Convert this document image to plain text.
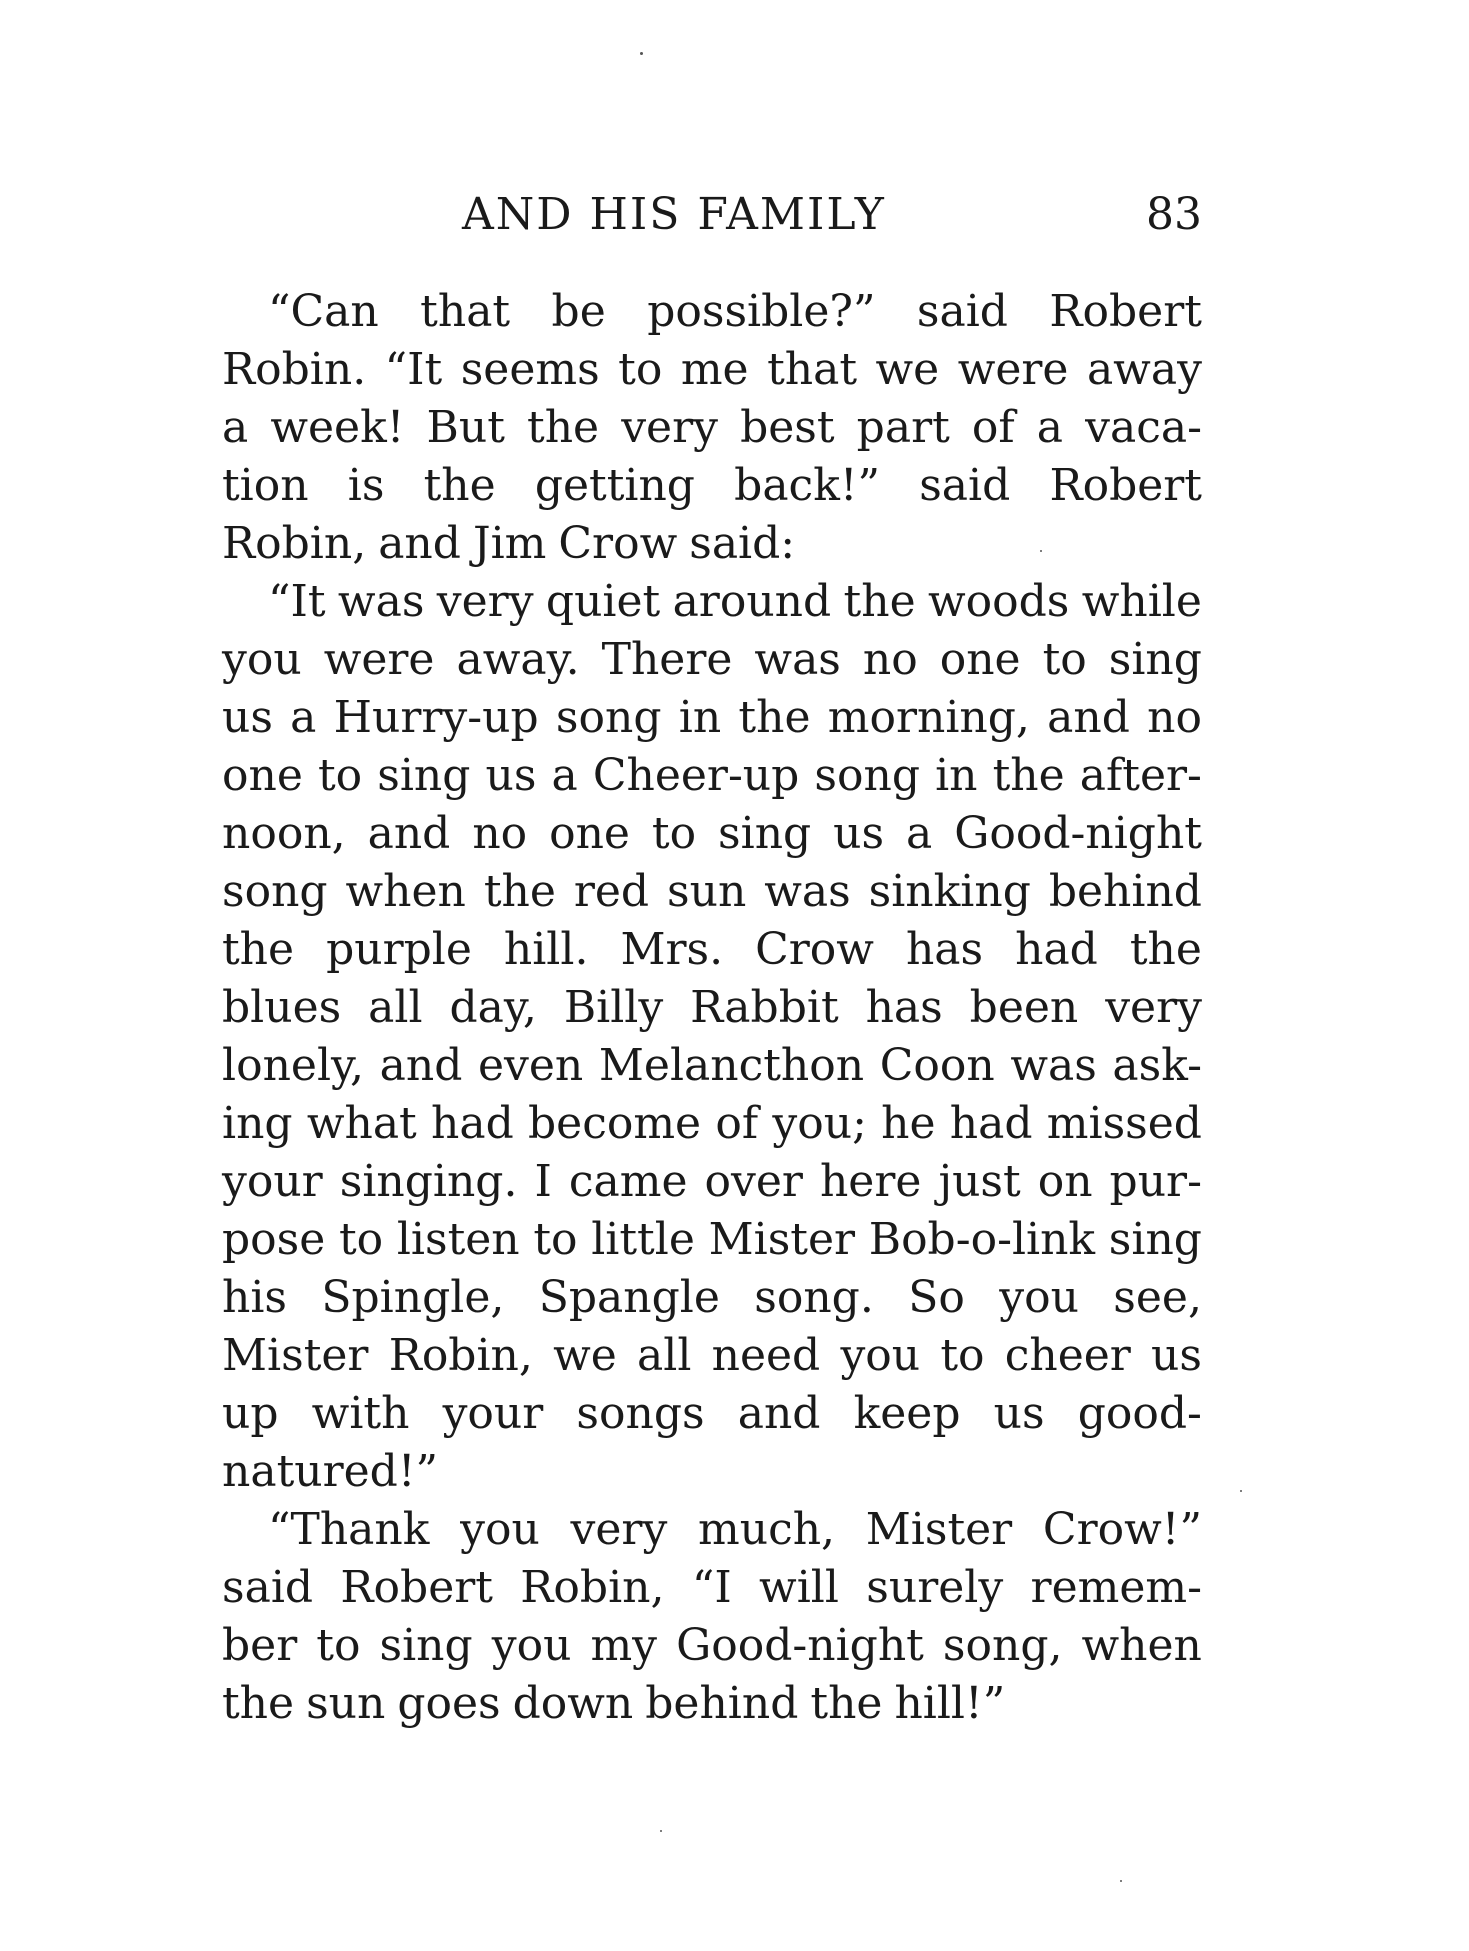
AND HIS FAMILY	83
“Can that be possible?” said Robert
Robin. “It seems to me that we were away
a week! But the very best part of a vaca-
tion is the getting back!” said Robert
Robin, and Jim Crow said:
“It was very quiet around the woods while
you were away. There was no one to sing
us a Hurry-up song in the morning, and no
one to sing us a Cheer-up song in the after-
noon, and no one to sing us a Good-night
song when the red sun was sinking behind
the purple hill. Mrs. Crow has had the
blues all day, Billy Rabbit has been very
lonely, and even Melancthon Coon was ask-
ing what had become of you; he had missed
your singing. I came over here just on pur-
pose to listen to little Mister Bob-o-link sing
his Spingle, Spangle song. So you see,
Mister Robin, we all need you to cheer us
up with your songs and keep us good-
natured!”
“Thank you very much, Mister Crow!”
said Robert Robin, “I will surely remem-
ber to sing you my Good-night song, when
the sun goes down behind the hill!”
